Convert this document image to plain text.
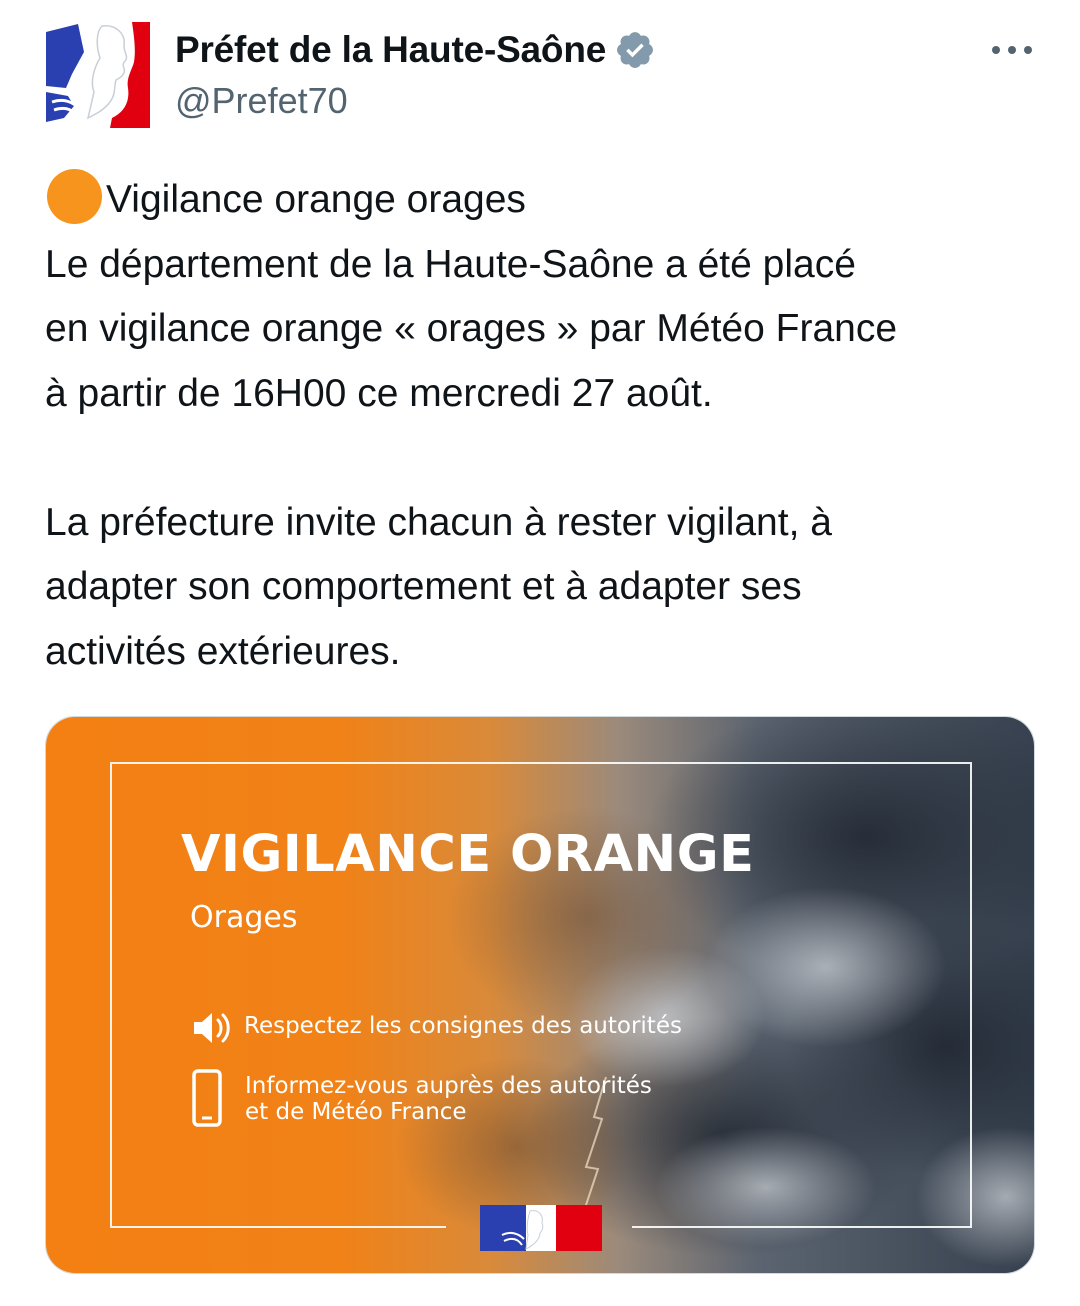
Préfet de la Haute-Saône
@Prefet70

Vigilance orange orages

Le département de la Haute-Saône a été placé

en vigilance orange « orages » par Météo France

à partir de 16H00 ce mercredi 27 août.

La préfecture invite chacun à rester vigilant, à

adapter son comportement et à adapter ses

activités extérieures.

VIGILANCE ORANGE
Orages
Respectez les consignes des autorités
Informez-vous auprès des autorités
et de Météo France
